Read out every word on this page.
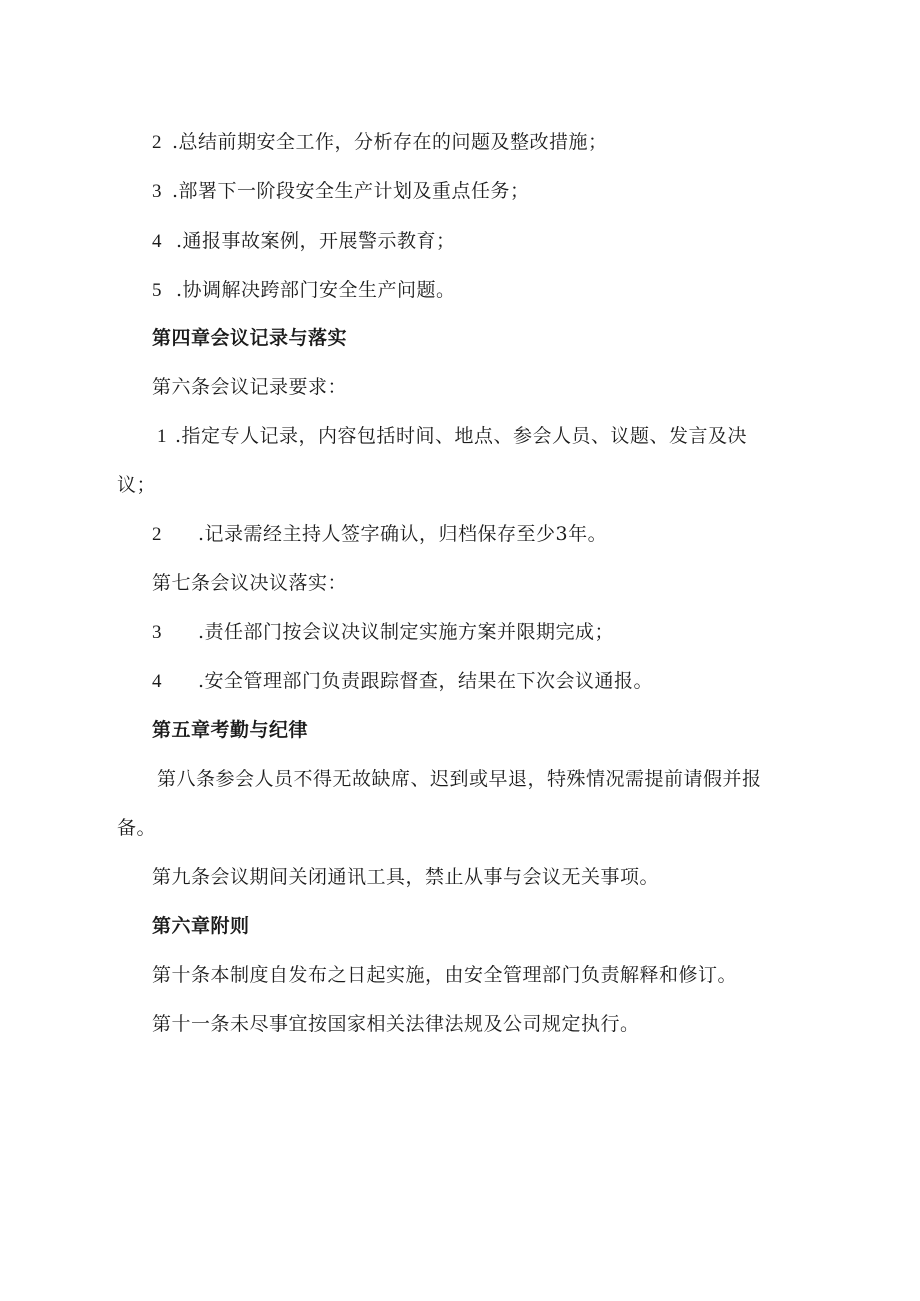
2 .总结前期安全工作，分析存在的问题及整改措施；
3 .部署下一阶段安全生产计划及重点任务；
4 .通报事故案例，开展警示教育；
5 .协调解决跨部门安全生产问题。
第四章会议记录与落实
第六条会议记录要求：
1 .指定专人记录，内容包括时间、地点、参会人员、议题、发言及决
议；
2 .记录需经主持人签字确认，归档保存至少3年。
第七条会议决议落实：
3 .责任部门按会议决议制定实施方案并限期完成；
4 .安全管理部门负责跟踪督查，结果在下次会议通报。
第五章考勤与纪律
第八条参会人员不得无故缺席、迟到或早退，特殊情况需提前请假并报
备。
第九条会议期间关闭通讯工具，禁止从事与会议无关事项。
第六章附则
第十条本制度自发布之日起实施，由安全管理部门负责解释和修订。
第十一条未尽事宜按国家相关法律法规及公司规定执行。
